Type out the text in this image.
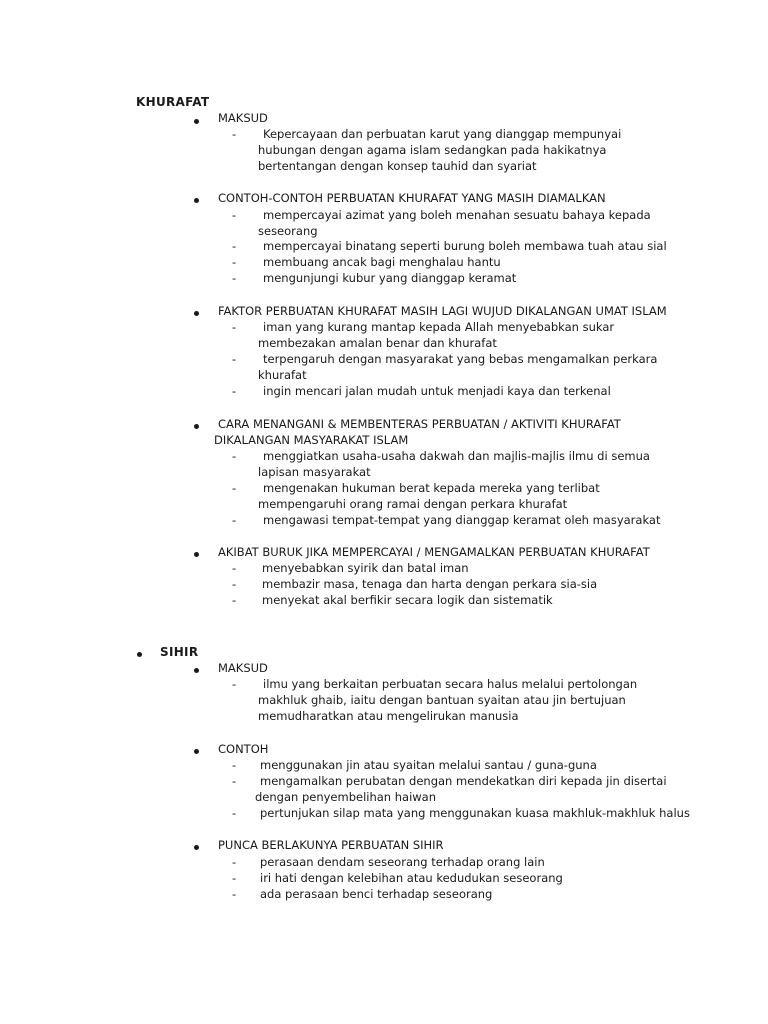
KHURAFAT
MAKSUD
-	Kepercayaan dan perbuatan karut yang dianggap mempunyai hubungan dengan agama islam sedangkan pada hakikatnya bertentangan dengan konsep tauhid dan syariat
CONTOH-CONTOH PERBUATAN KHURAFAT YANG MASIH DIAMALKAN
-	mempercayai azimat yang boleh menahan sesuatu bahaya kepada seseorang
- mempercayai binatang seperti burung boleh membawa tuah atau sial
- membuang ancak bagi menghalau hantu
- mengunjungi kubur yang dianggap keramat
FAKTOR PERBUATAN KHURAFAT MASIH LAGI WUJUD DIKALANGAN UMAT ISLAM
-	iman yang kurang mantap kepada Allah menyebabkan sukar membezakan amalan benar dan khurafat
-	terpengaruh dengan masyarakat yang bebas mengamalkan perkara khurafat
- ingin mencari jalan mudah untuk menjadi kaya dan terkenal
CARA MENANGANI & MEMBENTERAS PERBUATAN / AKTIVITI KHURAFAT
DIKALANGAN MASYARAKAT ISLAM
-	menggiatkan usaha-usaha dakwah dan majlis-majlis ilmu di semua lapisan masyarakat
-	mengenakan hukuman berat kepada mereka yang terlibat mempengaruhi orang ramai dengan perkara khurafat
- mengawasi tempat-tempat yang dianggap keramat oleh masyarakat
AKIBAT BURUK JIKA MEMPERCAYAI / MENGAMALKAN PERBUATAN KHURAFAT
- menyebabkan syirik dan batal iman
- membazir masa, tenaga dan harta dengan perkara sia-sia
- menyekat akal berfikir secara logik dan sistematik
SIHIR
MAKSUD
-	ilmu yang berkaitan perbuatan secara halus melalui pertolongan makhluk ghaib, iaitu dengan bantuan syaitan atau jin bertujuan memudharatkan atau mengelirukan manusia
CONTOH
- menggunakan jin atau syaitan melalui santau / guna-guna
-	mengamalkan perubatan dengan mendekatkan diri kepada jin disertai dengan penyembelihan haiwan
- pertunjukan silap mata yang menggunakan kuasa makhluk-makhluk halus
PUNCA BERLAKUNYA PERBUATAN SIHIR
- perasaan dendam seseorang terhadap orang lain
- iri hati dengan kelebihan atau kedudukan seseorang
- ada perasaan benci terhadap seseorang
